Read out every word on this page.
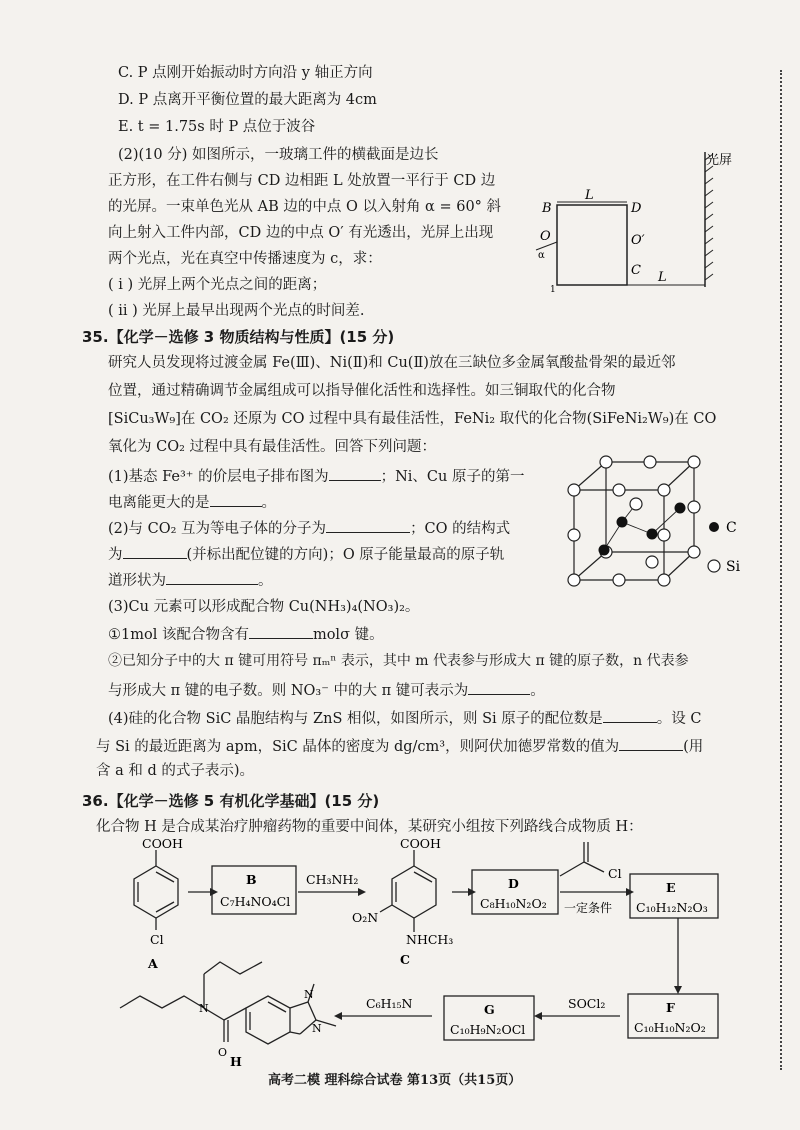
C. P 点刚开始振动时方向沿 y 轴正方向
D. P 点离开平衡位置的最大距离为 4cm
E. t = 1.75s 时 P 点位于波谷
(2)(10 分) 如图所示，一玻璃工件的横截面是边长
正方形，在工件右侧与 CD 边相距 L 处放置一平行于 CD 边
的光屏。一束单色光从 AB 边的中点 O 以入射角 α = 60° 斜
向上射入工件内部，CD 边的中点 O′ 有光透出，光屏上出现
两个光点，光在真空中传播速度为 c，求：
( i ) 光屏上两个光点之间的距离；
( ii ) 光屏上最早出现两个光点的时间差.
光屏
L
L
B	D
O	O′
C
α
1
35.【化学－选修 3 物质结构与性质】(15 分)
研究人员发现将过渡金属 Fe(Ⅲ)、Ni(Ⅱ)和 Cu(Ⅱ)放在三缺位多金属氧酸盐骨架的最近邻
位置，通过精确调节金属组成可以指导催化活性和选择性。如三铜取代的化合物
[SiCu₃W₉]在 CO₂ 还原为 CO 过程中具有最佳活性，FeNi₂ 取代的化合物(SiFeNi₂W₉)在 CO
氧化为 CO₂ 过程中具有最佳活性。回答下列问题：
(1)基态 Fe³⁺ 的价层电子排布图为	；Ni、Cu 原子的第一
电离能更大的是	。
(2)与 CO₂ 互为等电子体的分子为	；CO 的结构式
为	(并标出配位键的方向)；O 原子能量最高的原子轨
道形状为	。
(3)Cu 元素可以形成配合物 Cu(NH₃)₄(NO₃)₂。
①1mol 该配合物含有	molσ 键。
②已知分子中的大 π 键可用符号 πₘⁿ 表示，其中 m 代表参与形成大 π 键的原子数，n 代表参
与形成大 π 键的电子数。则 NO₃⁻ 中的大 π 键可表示为	。
(4)硅的化合物 SiC 晶胞结构与 ZnS 相似，如图所示，则 Si 原子的配位数是	。设 C
与 Si 的最近距离为 apm，SiC 晶体的密度为 dg/cm³，则阿伏加德罗常数的值为	(用
含 a 和 d 的式子表示)。
C
Si
36.【化学－选修 5 有机化学基础】(15 分)
化合物 H 是合成某治疗肿瘤药物的重要中间体，某研究小组按下列路线合成物质 H：
COOH
Cl
A
B
C₇H₄NO₄Cl
CH₃NH₂
COOH
O₂N
NHCH₃
C
D
C₈H₁₀N₂O₂
Cl
一定条件
E
C₁₀H₁₂N₂O₃
F
C₁₀H₁₀N₂O₂
SOCl₂
G
C₁₀H₉N₂OCl
C₆H₁₅N
N
O
N
N
H
高考二模 理科综合试卷 第13页（共15页）
